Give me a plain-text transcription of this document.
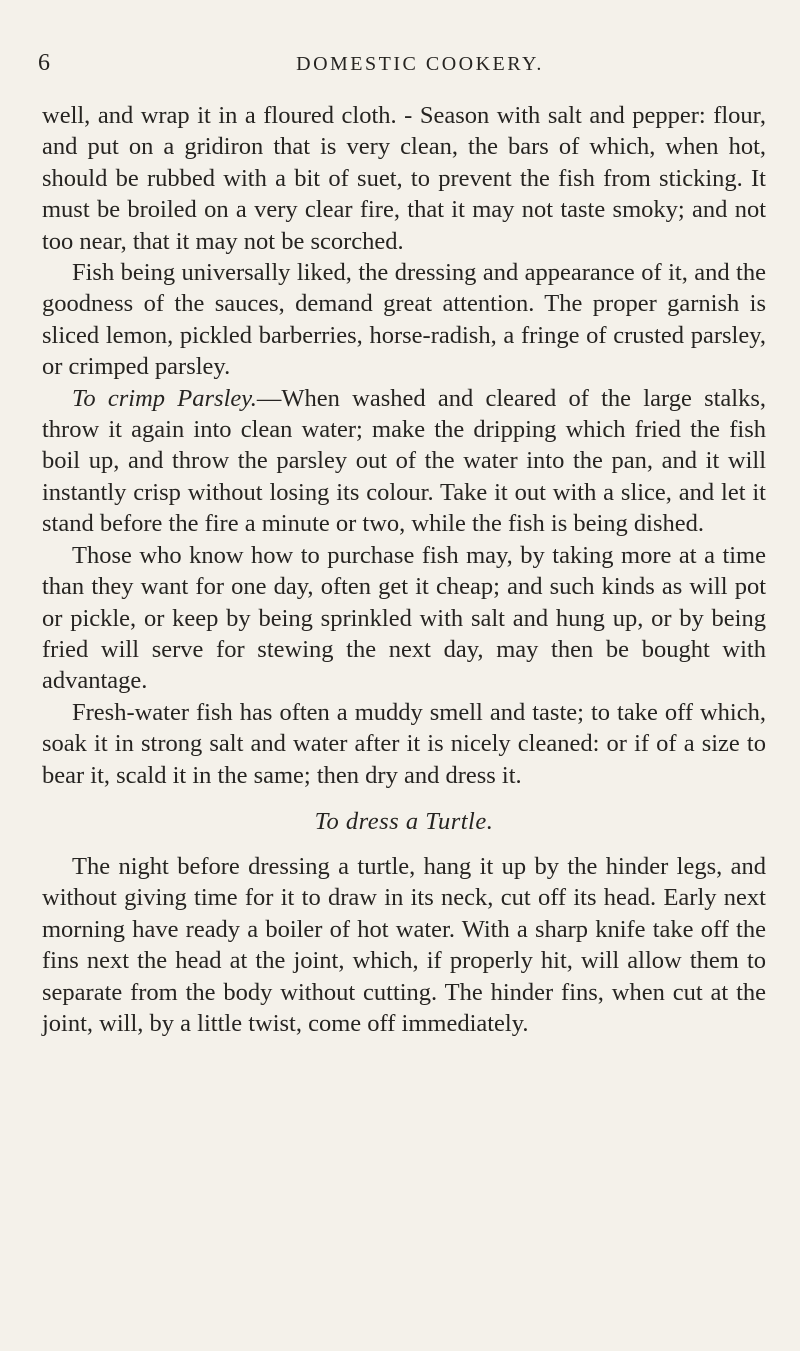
6	DOMESTIC COOKERY.

well, and wrap it in a floured cloth. - Season with salt and pepper: flour, and put on a gridiron that is very clean, the bars of which, when hot, should be rubbed with a bit of suet, to prevent the fish from sticking. It must be broiled on a very clear fire, that it may not taste smoky; and not too near, that it may not be scorched.

Fish being universally liked, the dressing and appearance of it, and the goodness of the sauces, demand great attention. The proper garnish is sliced lemon, pickled barberries, horse-radish, a fringe of crusted parsley, or crimped parsley.

To crimp Parsley.—When washed and cleared of the large stalks, throw it again into clean water; make the dripping which fried the fish boil up, and throw the parsley out of the water into the pan, and it will instantly crisp without losing its colour. Take it out with a slice, and let it stand before the fire a minute or two, while the fish is being dished.

Those who know how to purchase fish may, by taking more at a time than they want for one day, often get it cheap; and such kinds as will pot or pickle, or keep by being sprinkled with salt and hung up, or by being fried will serve for stewing the next day, may then be bought with advantage.

Fresh-water fish has often a muddy smell and taste; to take off which, soak it in strong salt and water after it is nicely cleaned: or if of a size to bear it, scald it in the same; then dry and dress it.

To dress a Turtle.

The night before dressing a turtle, hang it up by the hinder legs, and without giving time for it to draw in its neck, cut off its head. Early next morning have ready a boiler of hot water. With a sharp knife take off the fins next the head at the joint, which, if properly hit, will allow them to separate from the body without cutting. The hinder fins, when cut at the joint, will, by a little twist, come off immediately.
